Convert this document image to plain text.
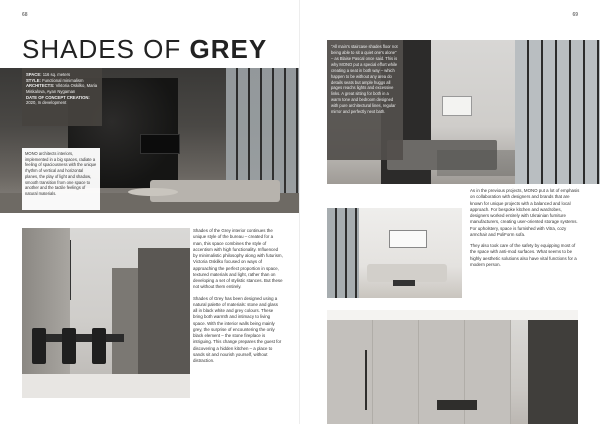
68
SHADES OF GREY
SPACE: 116 sq. meters
STYLE: Functional minimalism
ARCHITECTS: Viktoria Oskilko, Maria Miskalova, Ayan Nygaman
DATE OF CONCEPT CREATION: 2020, In development
MONO architects interiors, implemented in a big spaces, radiate a feeling of spaciousness with the unique rhythm of vertical and horizontal planes, the play of light and shadow, smooth transition from one space to another and the tactile feelings of natural materials.

Shades of the Grey interior continues the unique style of the bureau – created for a man, this space combines the style of accentism with high functionality. Influenced by minimalistic philosophy along with futurism, Victoria Oskilko focused on ways of approaching the perfect proportion in space, textured materials and light, rather than on developing a set of stylistic stances. But these not without them entirely.

Shades of Grey has been designed using a natural palette of materials: stone and glass all in black white and grey colours. These bring both warmth and intimacy to living space. With the interior walls being mainly grey, the surprise of encountering the only black element – the stone fireplace is intriguing. This change prepares the guest for discovering a hidden kitchen – a place to sands sit and nourish yourself, without distraction.

69
"All main's staircase shades floor not being able to sit a quiet one's alone" – as Blaise Pascal once said. This is why MONO put a special effort while creating a seat in both way – which happen to be without any area do details seats but ample huggs all pages reachs lights and excessive links. A great sitting for both in a warm tone and bedroom designed with pure architectural lines, regular mirror and perfectly next bath.

As in the previous projects, MONO put a lot of emphasis on collaboration with designers and brands that are known for unique projects with a balanced and local approach. For bespoke kitchen and wardrobes, designers worked entirely with Ukrainian furniture manufacturers, creating user-oriented storage systems. For upholstery, space is furnished with Vitra, cozy armchair and PoliForm sofa.

They also took care of the safety by equipping most of the space with anti-mod surfaces. What seems to be highly aesthetic solutions also have vital functions for a modern person.
